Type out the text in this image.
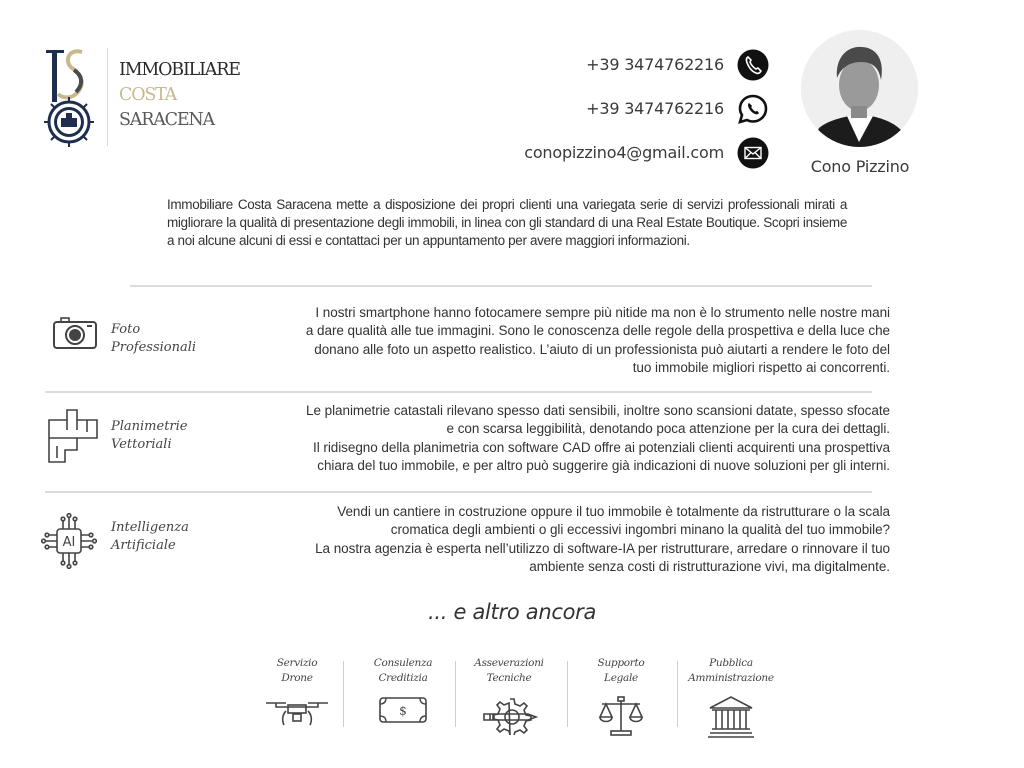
IMMOBILIARE
COSTA
SARACENA
+39 3474762216
+39 3474762216
conopizzino4@gmail.com
Cono Pizzino
Immobiliare Costa Saracena mette a disposizione dei propri clienti una variegata serie di servizi professionali mirati a migliorare la qualità di presentazione degli immobili, in linea con gli standard di una Real Estate Boutique. Scopri insieme a noi alcune alcuni di essi e contattaci per un appuntamento per avere maggiori informazioni.
Foto
Professionali
I nostri smartphone hanno fotocamere sempre più nitide ma non è lo strumento nelle nostre mani
a dare qualità alle tue immagini. Sono le conoscenza delle regole della prospettiva e della luce che
donano alle foto un aspetto realistico. L’aiuto di un professionista può aiutarti a rendere le foto del
tuo immobile migliori rispetto ai concorrenti.
Planimetrie
Vettoriali
Le planimetrie catastali rilevano spesso dati sensibili, inoltre sono scansioni datate, spesso sfocate
e con scarsa leggibilità, denotando poca attenzione per la cura dei dettagli.
Il ridisegno della planimetria con software CAD offre ai potenziali clienti acquirenti una prospettiva
chiara del tuo immobile, e per altro può suggerire già indicazioni di nuove soluzioni per gli interni.
AI
Intelligenza
Artificiale
Vendi un cantiere in costruzione oppure il tuo immobile è totalmente da ristrutturare o la scala
cromatica degli ambienti o gli eccessivi ingombri minano la qualità del tuo immobile?
La nostra agenzia è esperta nell’utilizzo di software-IA per ristrutturare, arredare o rinnovare il tuo
ambiente senza costi di ristrutturazione vivi, ma digitalmente.
... e altro ancora
Servizio
Drone
Consulenza
Creditizia
$
Asseverazioni
Tecniche
Supporto
Legale
Pubblica
Amministrazione
